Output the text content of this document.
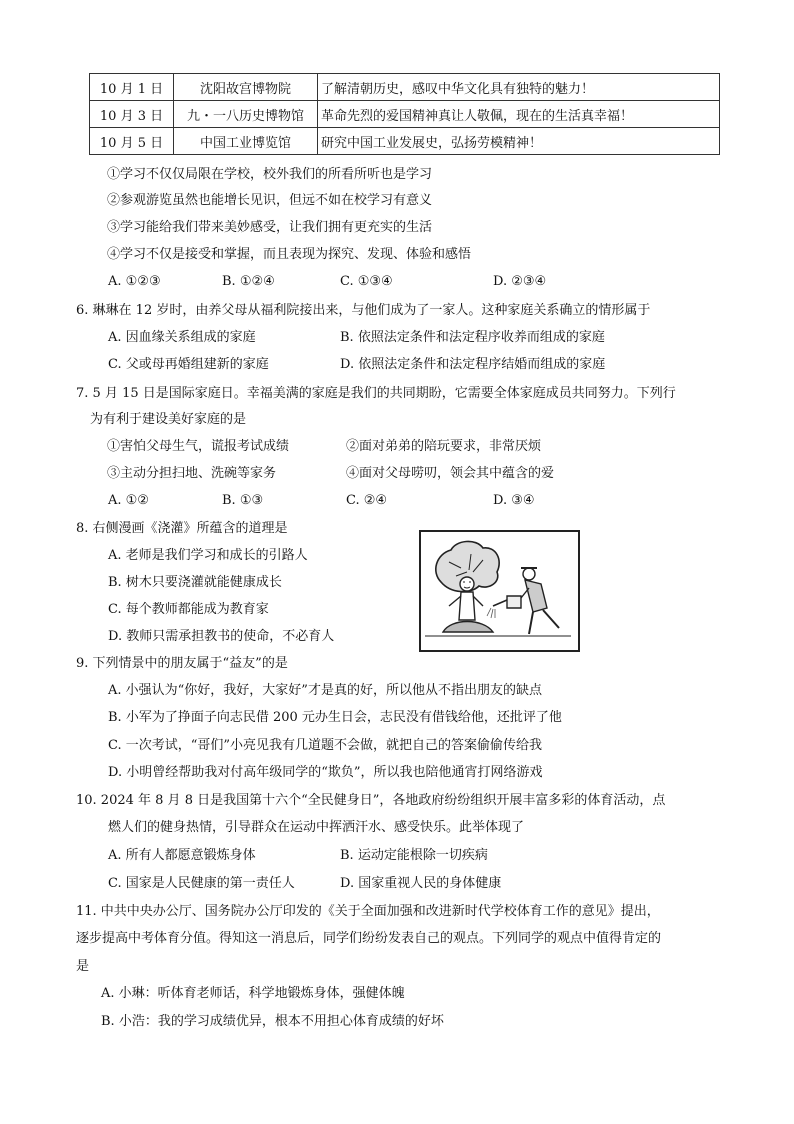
10 月 1 日	沈阳故宫博物院	了解清朝历史，感叹中华文化具有独特的魅力！
10 月 3 日	九・一八历史博物馆	革命先烈的爱国精神真让人敬佩，现在的生活真幸福！
10 月 5 日	中国工业博览馆	研究中国工业发展史，弘扬劳模精神！
①学习不仅仅局限在学校，校外我们的所看所听也是学习
②参观游览虽然也能增长见识，但远不如在校学习有意义
③学习能给我们带来美妙感受，让我们拥有更充实的生活
④学习不仅是接受和掌握，而且表现为探究、发现、体验和感悟
A. ①②③	B. ①②④	C. ①③④	D. ②③④
6. 琳琳在 12 岁时，由养父母从福利院接出来，与他们成为了一家人。这种家庭关系确立的情形属于
A. 因血缘关系组成的家庭	B. 依照法定条件和法定程序收养而组成的家庭
C. 父或母再婚组建新的家庭	D. 依照法定条件和法定程序结婚而组成的家庭
7. 5 月 15 日是国际家庭日。幸福美满的家庭是我们的共同期盼，它需要全体家庭成员共同努力。下列行
为有利于建设美好家庭的是
①害怕父母生气，谎报考试成绩	②面对弟弟的陪玩要求，非常厌烦
③主动分担扫地、洗碗等家务	④面对父母唠叨，领会其中蕴含的爱
A. ①②	B. ①③	C. ②④	D. ③④
8. 右侧漫画《浇灌》所蕴含的道理是
A. 老师是我们学习和成长的引路人
B. 树木只要浇灌就能健康成长
C. 每个教师都能成为教育家
D. 教师只需承担教书的使命，不必育人
9. 下列情景中的朋友属于“益友”的是
A. 小强认为“你好，我好，大家好”才是真的好，所以他从不指出朋友的缺点
B. 小军为了挣面子向志民借 200 元办生日会，志民没有借钱给他，还批评了他
C. 一次考试，“哥们”小亮见我有几道题不会做，就把自己的答案偷偷传给我
D. 小明曾经帮助我对付高年级同学的“欺负”，所以我也陪他通宵打网络游戏
10. 2024 年 8 月 8 日是我国第十六个“全民健身日”，各地政府纷纷组织开展丰富多彩的体育活动，点
燃人们的健身热情，引导群众在运动中挥洒汗水、感受快乐。此举体现了
A. 所有人都愿意锻炼身体	B. 运动定能根除一切疾病
C. 国家是人民健康的第一责任人	D. 国家重视人民的身体健康
11. 中共中央办公厅、国务院办公厅印发的《关于全面加强和改进新时代学校体育工作的意见》提出，
逐步提高中考体育分值。得知这一消息后，同学们纷纷发表自己的观点。下列同学的观点中值得肯定的
是
A. 小琳：听体育老师话，科学地锻炼身体，强健体魄
B. 小浩：我的学习成绩优异，根本不用担心体育成绩的好坏
